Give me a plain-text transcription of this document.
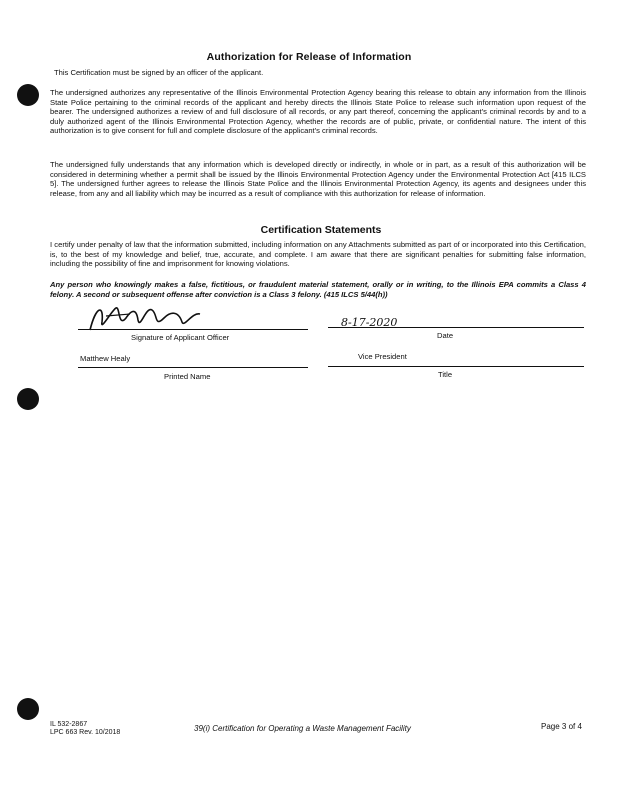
Authorization for Release of Information
This Certification must be signed by an officer of the applicant.
The undersigned authorizes any representative of the Illinois Environmental Protection Agency bearing this release to obtain any information from the Illinois State Police pertaining to the criminal records of the applicant and hereby directs the Illinois State Police to release such information upon request of the bearer. The undersigned authorizes a review of and full disclosure of all records, or any part thereof, concerning the applicant's criminal records by and to a duly authorized agent of the Illinois Environmental Protection Agency, whether the records are of public, private, or confidential nature. The intent of this authorization is to give consent for full and complete disclosure of the applicant's criminal records.
The undersigned fully understands that any information which is developed directly or indirectly, in whole or in part, as a result of this authorization will be considered in determining whether a permit shall be issued by the Illinois Environmental Protection Agency under the Environmental Protection Act [415 ILCS 5]. The undersigned further agrees to release the Illinois State Police and the Illinois Environmental Protection Agency, its agents and designees under this release, from any and all liability which may be incurred as a result of compliance with this authorization for release of information.
Certification Statements
I certify under penalty of law that the information submitted, including information on any Attachments submitted as part of or incorporated into this Certification, is, to the best of my knowledge and belief, true, accurate, and complete. I am aware that there are significant penalties for submitting false information, including the possibility of fine and imprisonment for knowing violations.
Any person who knowingly makes a false, fictitious, or fraudulent material statement, orally or in writing, to the Illinois EPA commits a Class 4 felony. A second or subsequent offense after conviction is a Class 3 felony. (415 ILCS 5/44(h))
Signature of Applicant Officer
8-17-2020
Date
Matthew Healy
Printed Name
Vice President
Title
IL 532-2867
LPC 663 Rev. 10/2018	39(i) Certification for Operating a Waste Management Facility	Page 3 of 4
